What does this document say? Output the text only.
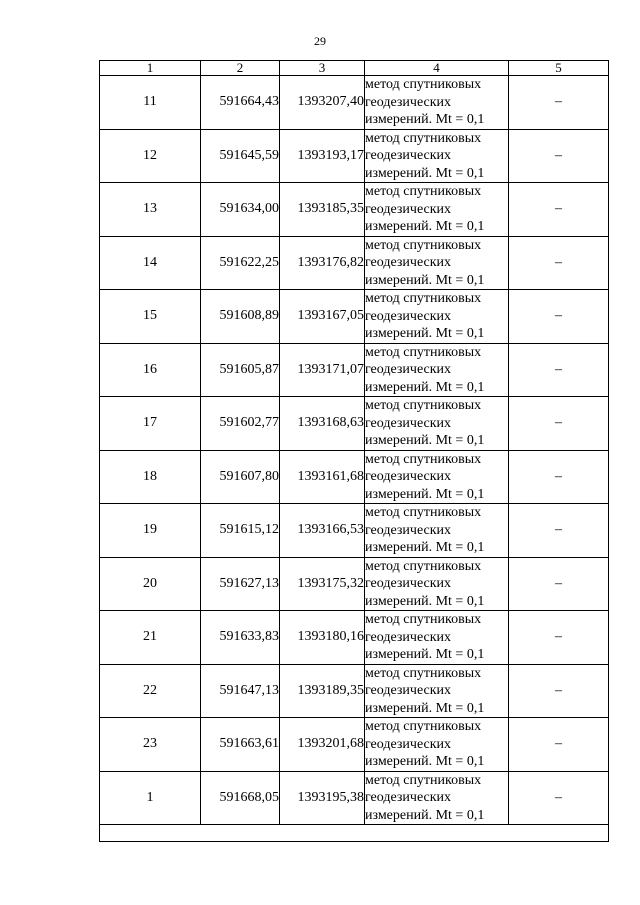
29
1	2	3	4	5
11	591664,43	1393207,40	метод спутниковых
геодезических
измерений. Mt = 0,1	–
12	591645,59	1393193,17	метод спутниковых
геодезических
измерений. Mt = 0,1	–
13	591634,00	1393185,35	метод спутниковых
геодезических
измерений. Mt = 0,1	–
14	591622,25	1393176,82	метод спутниковых
геодезических
измерений. Mt = 0,1	–
15	591608,89	1393167,05	метод спутниковых
геодезических
измерений. Mt = 0,1	–
16	591605,87	1393171,07	метод спутниковых
геодезических
измерений. Mt = 0,1	–
17	591602,77	1393168,63	метод спутниковых
геодезических
измерений. Mt = 0,1	–
18	591607,80	1393161,68	метод спутниковых
геодезических
измерений. Mt = 0,1	–
19	591615,12	1393166,53	метод спутниковых
геодезических
измерений. Mt = 0,1	–
20	591627,13	1393175,32	метод спутниковых
геодезических
измерений. Mt = 0,1	–
21	591633,83	1393180,16	метод спутниковых
геодезических
измерений. Mt = 0,1	–
22	591647,13	1393189,35	метод спутниковых
геодезических
измерений. Mt = 0,1	–
23	591663,61	1393201,68	метод спутниковых
геодезических
измерений. Mt = 0,1	–
1	591668,05	1393195,38	метод спутниковых
геодезических
измерений. Mt = 0,1	–
